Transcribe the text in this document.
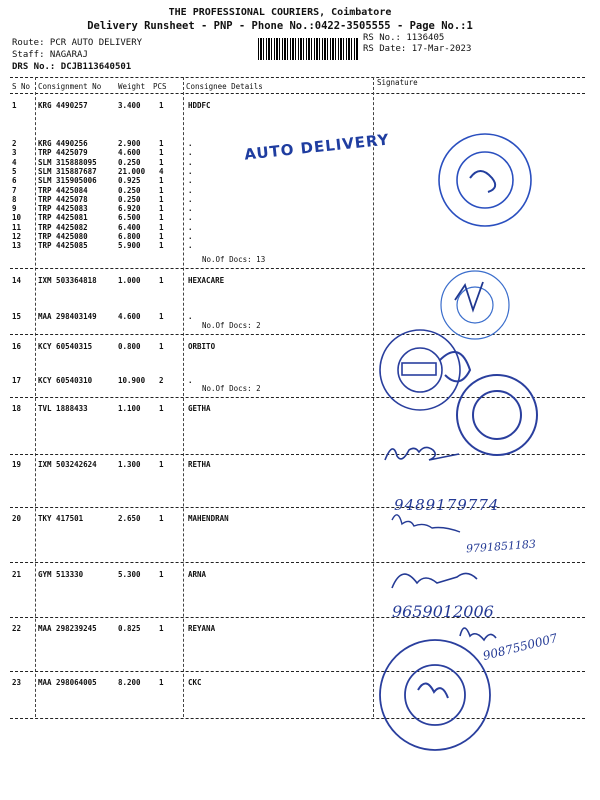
THE PROFESSIONAL COURIERS, Coimbatore
Delivery Runsheet - PNP - Phone No.:0422-3505555 - Page No.:1
Route: PCR AUTO DELIVERY
Staff: NAGARAJ
DRS No.: DCJB113640501
RS No.: 1136405
RS Date: 17-Mar-2023
S No Consignment No Weight PCS	Consignee Details	Signature
1	KRG 4490257	3.400 1	HDDFC
2	KRG 4490256	2.900 1	.
3	TRP 4425079	4.600 1	.
4	SLM 315888095	0.250 1	.
5	SLM 315887687	21.000 4	.
6	SLM 315905006	0.925 1	.
7	TRP 4425084	0.250 1	.
8	TRP 4425078	0.250 1	.
9	TRP 4425083	6.920 1	.
10 TRP 4425081	6.500 1	.
11 TRP 4425082	6.400 1	.
12 TRP 4425080	6.800 1	.
13 TRP 4425085	5.900 1	.
No.Of Docs: 13
14 IXM 503364818	1.000 1	HEXACARE
15 MAA 298403149	4.600 1	.
No.Of Docs: 2
16 KCY 60540315	0.800 1	ORBITO
17 KCY 60540310	10.900 2	.
No.Of Docs: 2
18 TVL 1888433	1.100 1	GETHA
19 IXM 503242624	1.300 1	RETHA
20 TKY 417501	2.650 1	MAHENDRAN
21 GYM 513330	5.300 1	ARNA
22 MAA 298239245	0.825 1	REYANA
23 MAA 298064005	8.200 1	CKC
AUTO DELIVERY
9489179774
9791851183
9659012006
9087550007
